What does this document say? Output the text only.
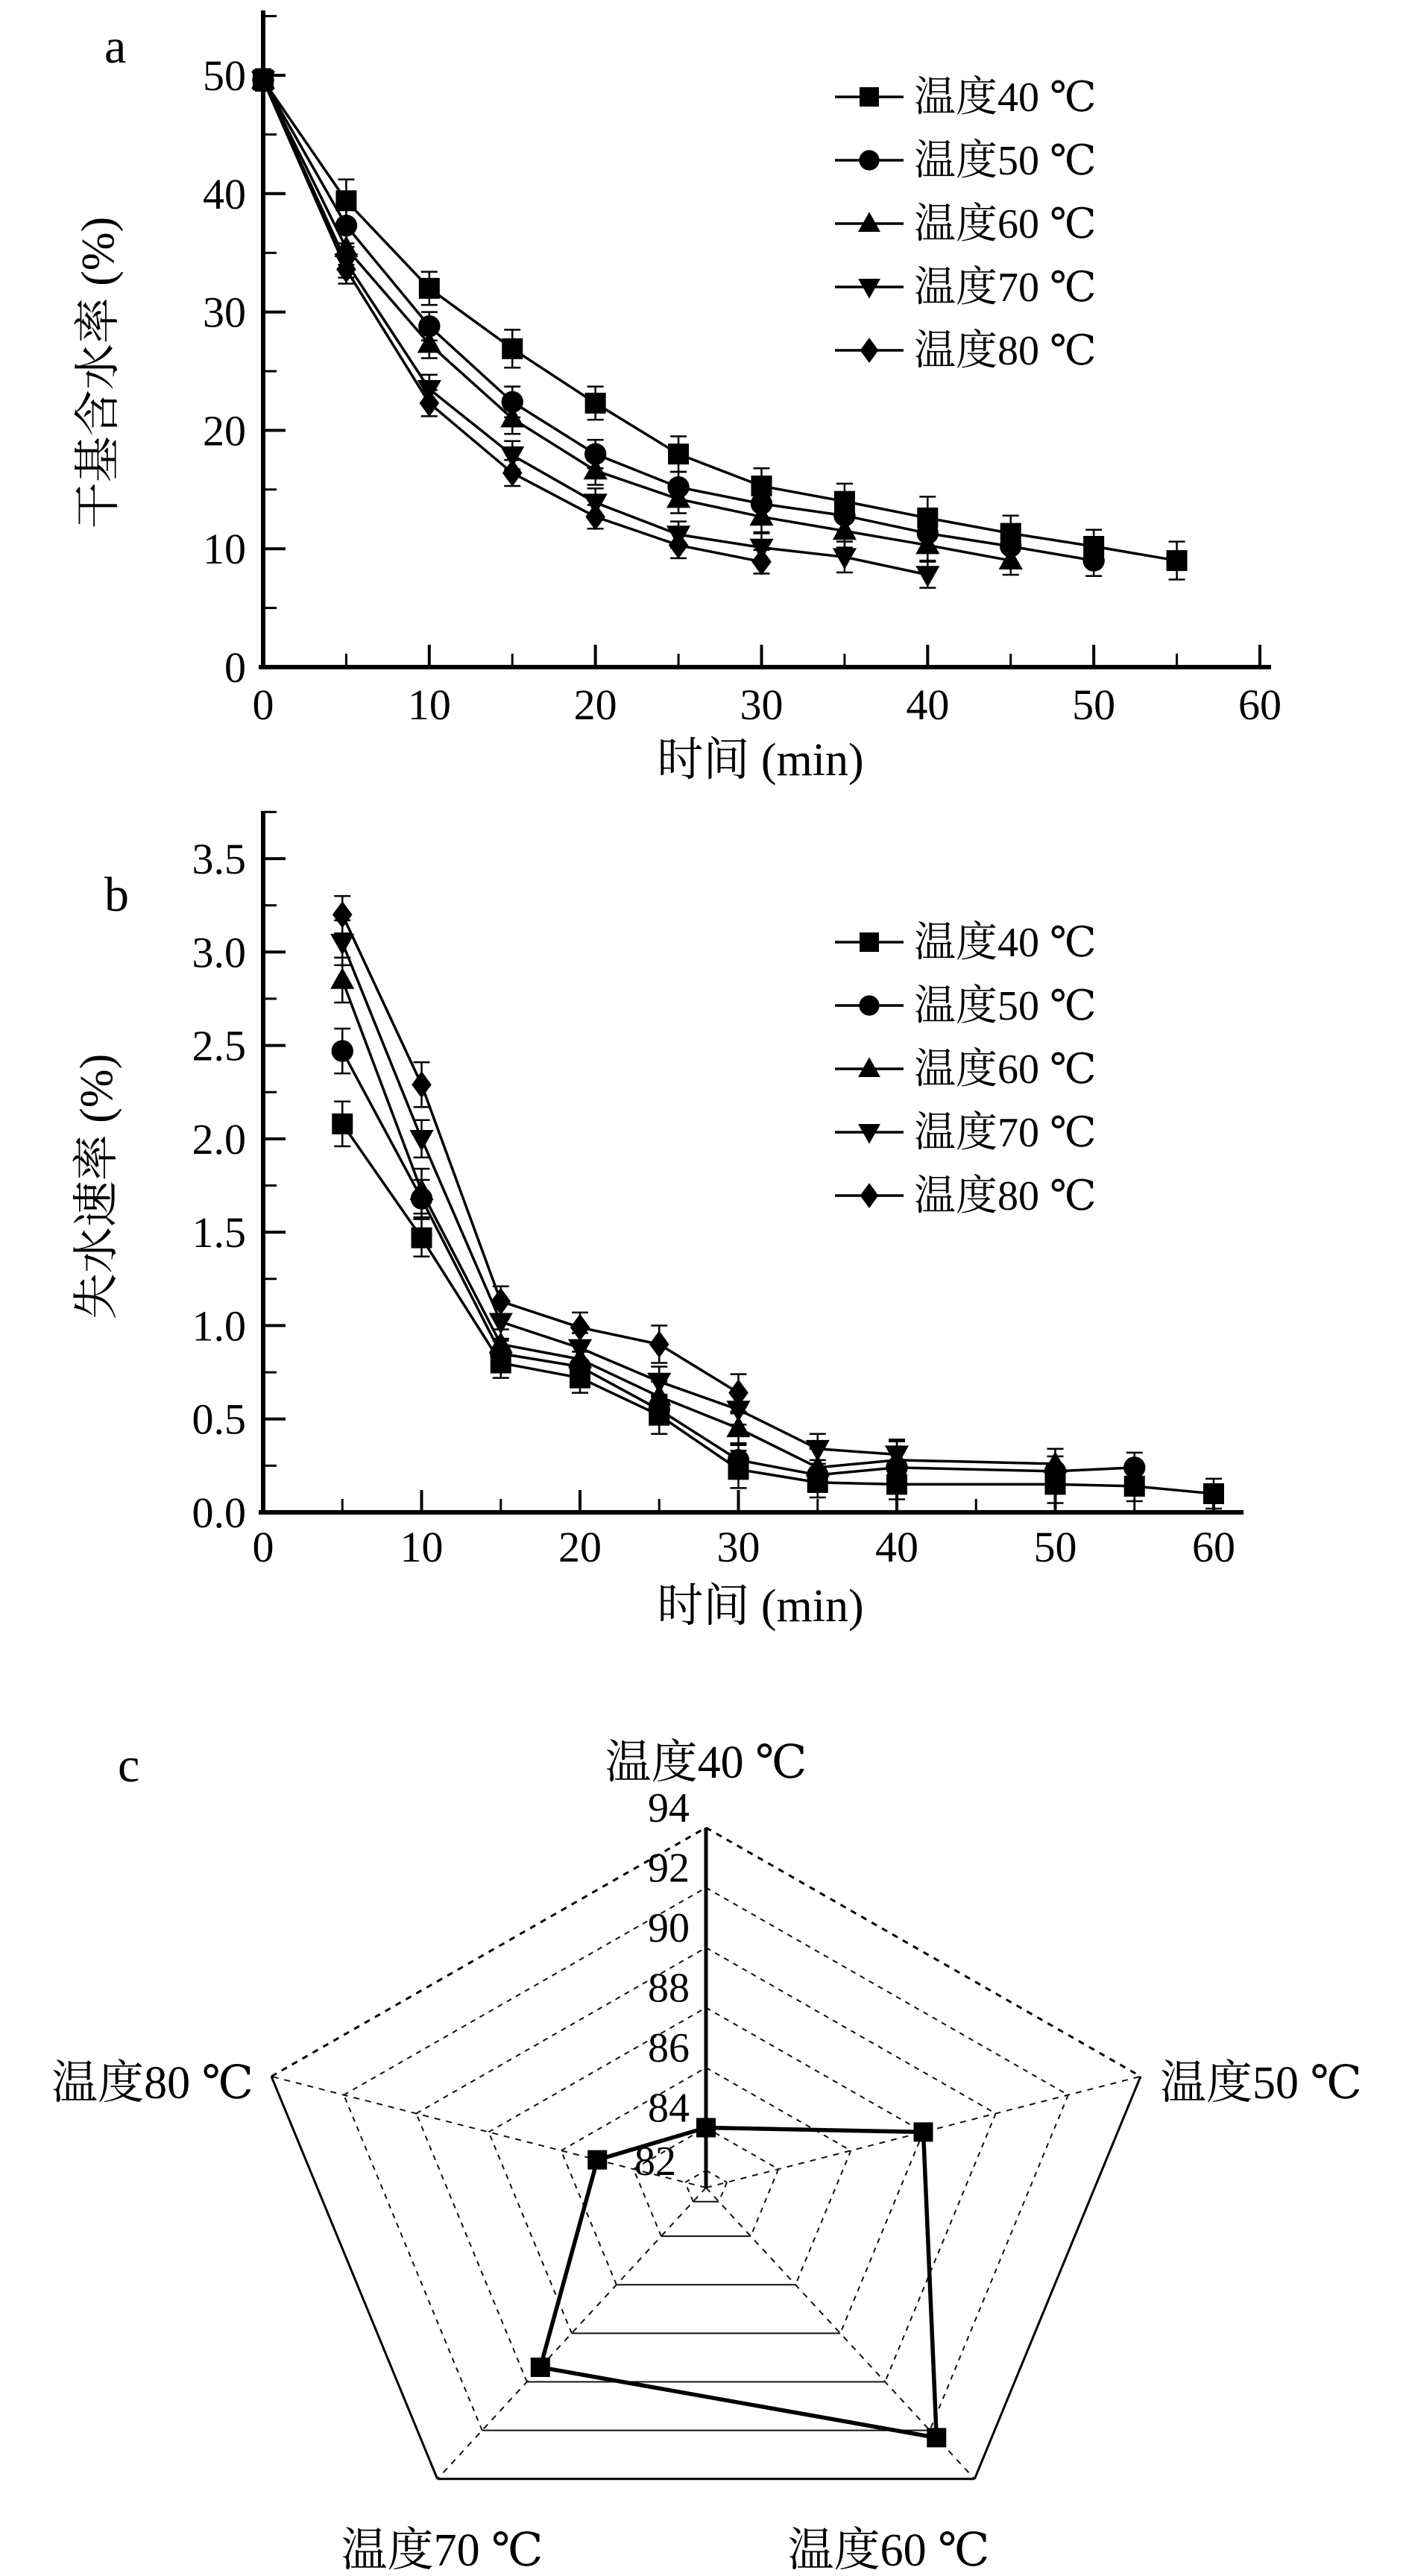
a
b
c
0	10	20	30	40	50	60
0
10
20
30
40
50
时间 (min)
干基含水率 (%)
温度40 ℃
温度50 ℃
温度60 ℃
温度70 ℃
温度80 ℃
0	10	20	30	40	50	60
0.0
0.5
1.0
1.5
2.0
2.5
3.0
3.5
时间 (min)
失水速率 (%)
温度40 ℃
温度50 ℃
温度60 ℃
温度70 ℃
温度80 ℃
82
84
86
88
90
92
94
温度40 ℃
温度50 ℃
温度60 ℃
温度70 ℃
温度80 ℃
